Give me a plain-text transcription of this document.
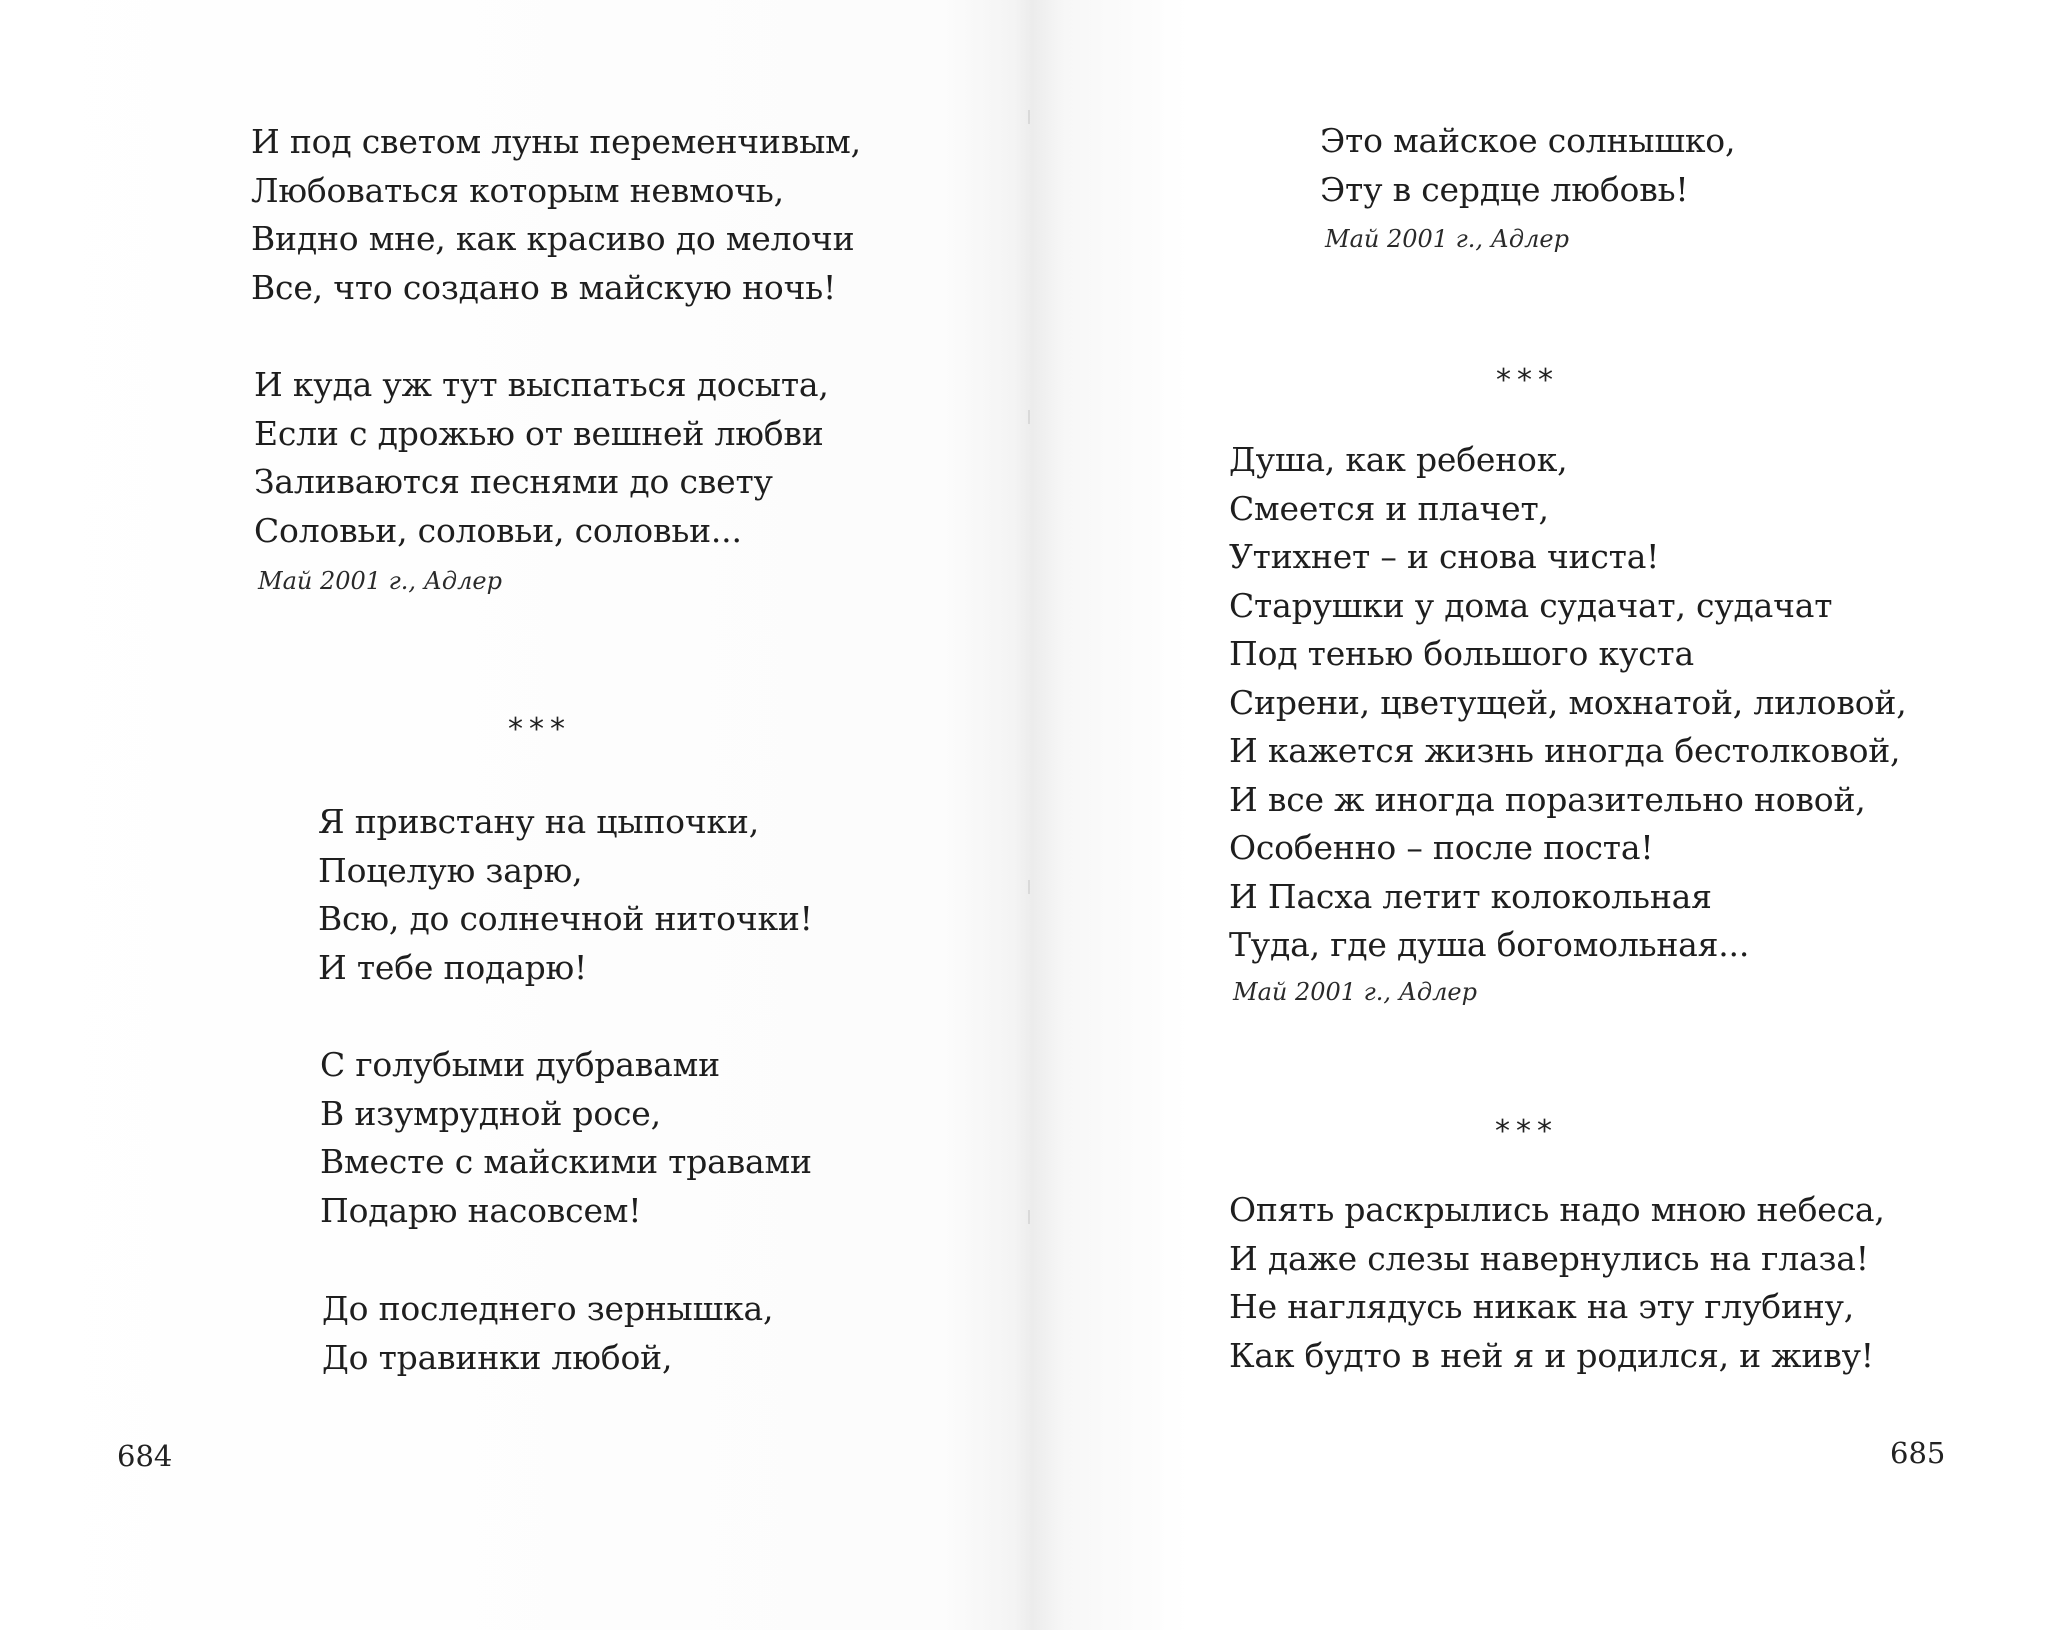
И под светом луны переменчивым,
Любоваться которым невмочь,
Видно мне, как красиво до мелочи
Все, что создано в майскую ночь!
И куда уж тут выспаться досыта,
Если с дрожью от вешней любви
Заливаются песнями до свету
Соловьи, соловьи, соловьи...
Май 2001 г., Адлер
***
Я привстану на цыпочки,
Поцелую зарю,
Всю, до солнечной ниточки!
И тебе подарю!
С голубыми дубравами
В изумрудной росе,
Вместе с майскими травами
Подарю насовсем!
До последнего зернышка,
До травинки любой,
684
Это майское солнышко,
Эту в сердце любовь!
Май 2001 г., Адлер
***
Душа, как ребенок,
Смеется и плачет,
Утихнет – и снова чиста!
Старушки у дома судачат, судачат
Под тенью большого куста
Сирени, цветущей, мохнатой, лиловой,
И кажется жизнь иногда бестолковой,
И все ж иногда поразительно новой,
Особенно – после поста!
И Пасха летит колокольная
Туда, где душа богомольная...
Май 2001 г., Адлер
***
Опять раскрылись надо мною небеса,
И даже слезы навернулись на глаза!
Не наглядусь никак на эту глубину,
Как будто в ней я и родился, и живу!
685
